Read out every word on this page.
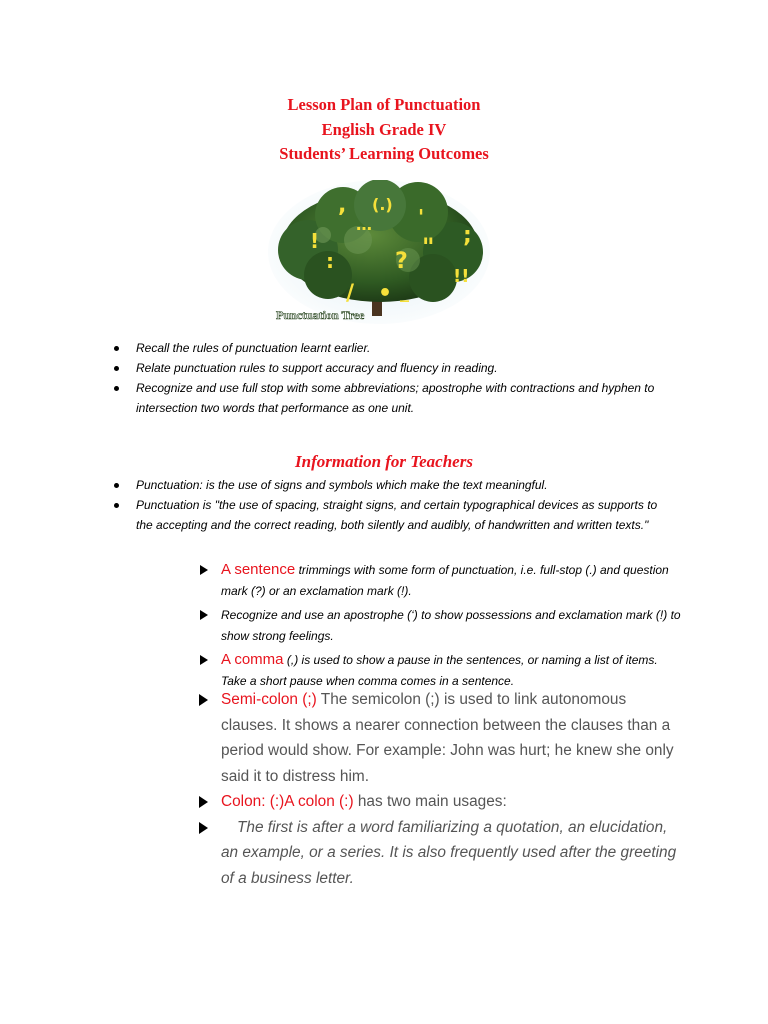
Lesson Plan of Punctuation
English Grade IV
Students’ Learning Outcomes
, (.)
!
… '
?
" ;
:
/ • _
!!
Punctuation Tree
Recall the rules of punctuation learnt earlier.
Relate punctuation rules to support accuracy and fluency in reading.
Recognize and use full stop with some abbreviations; apostrophe with contractions and hyphen to intersection two words that performance as one unit.
Information for Teachers
Punctuation: is the use of signs and symbols which make the text meaningful.
Punctuation is "the use of spacing, straight signs, and certain typographical devices as supports to the accepting and the correct reading, both silently and audibly, of handwritten and written texts."
A sentence trimmings with some form of punctuation, i.e. full-stop (.) and question mark (?) or an exclamation mark (!).
Recognize and use an apostrophe (‘) to show possessions and exclamation mark (!) to show strong feelings.
A comma (,) is used to show a pause in the sentences, or naming a list of items. Take a short pause when comma comes in a sentence.
Semi-colon (;) The semicolon (;) is used to link autonomous clauses. It shows a nearer connection between the clauses than a period would show. For example: John was hurt; he knew she only said it to distress him.
Colon: (:)A colon (:) has two main usages:
The first is after a word familiarizing a quotation, an elucidation, an example, or a series. It is also frequently used after the greeting of a business letter.
